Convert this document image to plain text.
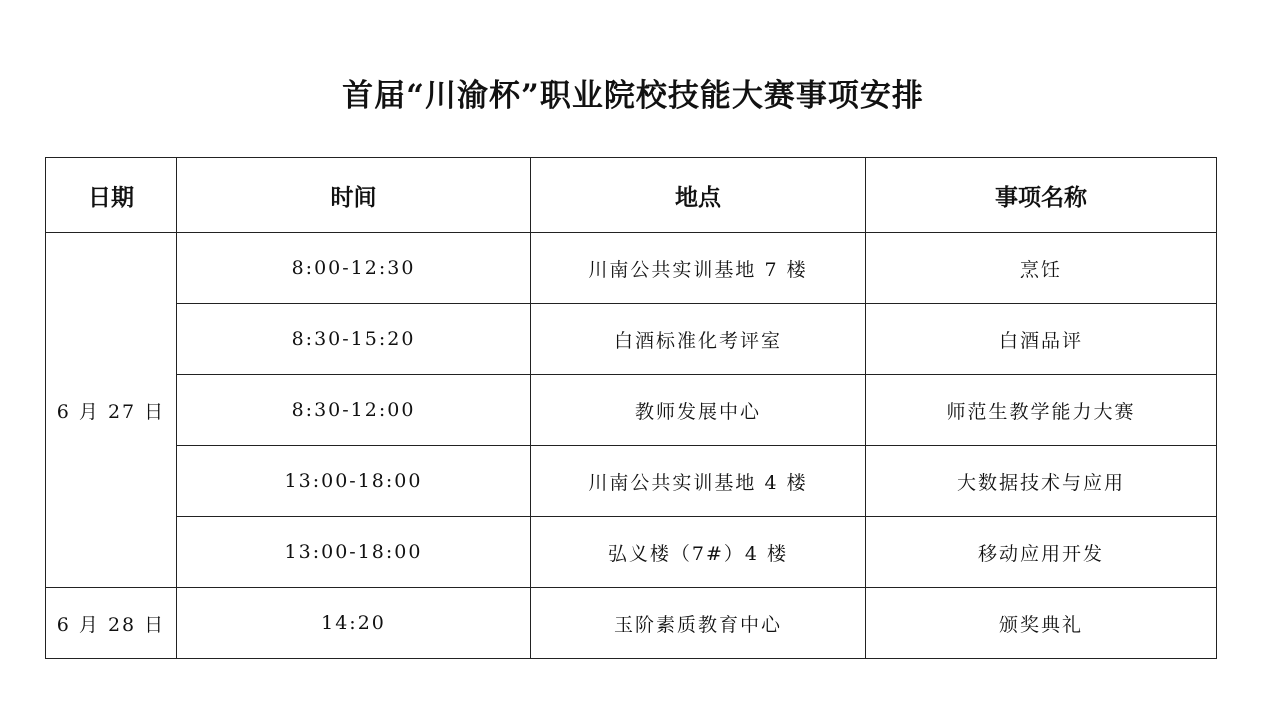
首届“川渝杯”职业院校技能大赛事项安排
日期	时间	地点	事项名称
6 月 27 日	8:00-12:30	川南公共实训基地 7 楼	烹饪
	8:30-15:20	白酒标准化考评室	白酒品评
	8:30-12:00	教师发展中心	师范生教学能力大赛
	13:00-18:00	川南公共实训基地 4 楼	大数据技术与应用
	13:00-18:00	弘义楼（7#）4 楼	移动应用开发
6 月 28 日	14:20	玉阶素质教育中心	颁奖典礼
